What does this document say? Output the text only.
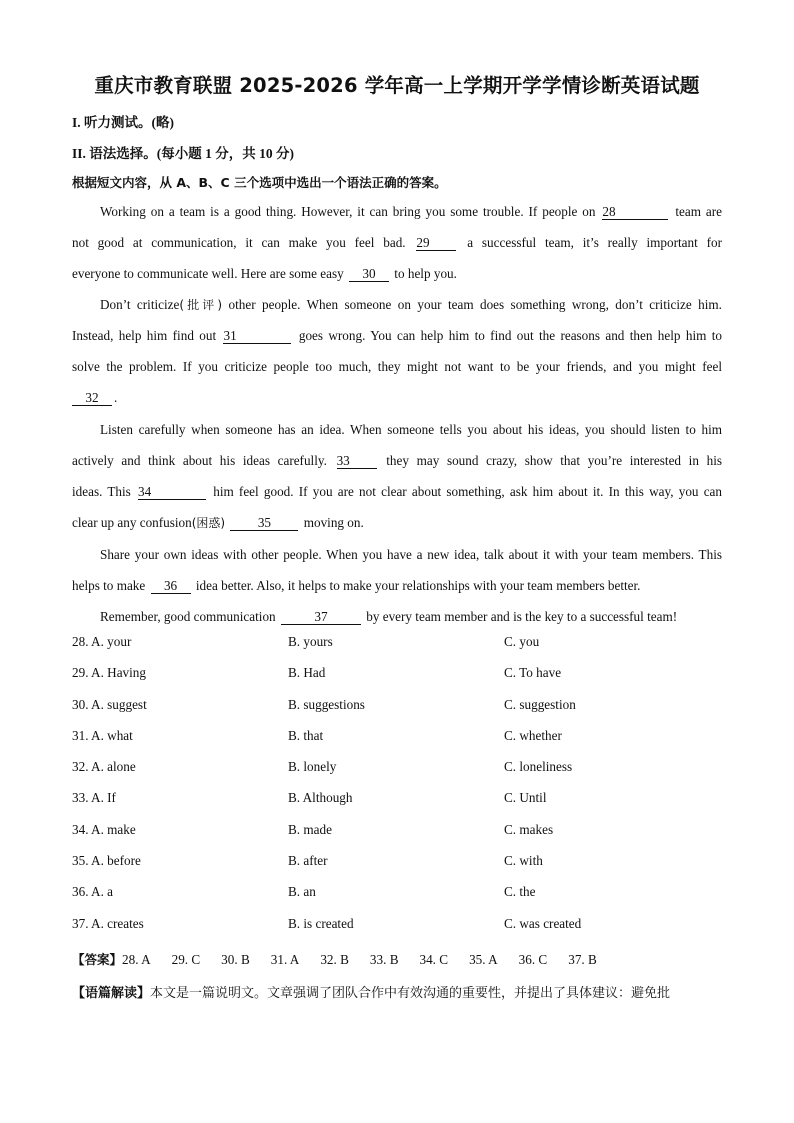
重庆市教育联盟 2025-2026 学年高一上学期开学学情诊断英语试题
I. 听力测试。(略)
II. 语法选择。(每小题 1 分，共 10 分)
根据短文内容，从 A、B、C 三个选项中选出一个语法正确的答案。
Working on a team is a good thing. However, it can bring you some trouble. If people on 28	team are
not good at communication, it can make you feel bad. 29	a successful team, it’s really important for
everyone to communicate well. Here are some easy 30 to help you.
Don’t criticize(批评) other people. When someone on your team does something wrong, don’t criticize him.
Instead, help him find out 31	goes wrong. You can help him to find out the reasons and then help him to
solve the problem. If you criticize people too much, they might not want to be your friends, and you might feel
32 .
Listen carefully when someone has an idea. When someone tells you about his ideas, you should listen to him
actively and think about his ideas carefully. 33	they may sound crazy, show that you’re interested in his
ideas. This 34	him feel good. If you are not clear about something, ask him about it. In this way, you can
clear up any confusion(困惑) 35 moving on.
Share your own ideas with other people. When you have a new idea, talk about it with your team members. This
helps to make 36 idea better. Also, it helps to make your relationships with your team members better.
Remember, good communication	37	by every team member and is the key to a successful team!
28. A. your	B. yours	C. you
29. A. Having	B. Had	C. To have
30. A. suggest	B. suggestions	C. suggestion
31. A. what	B. that	C. whether
32. A. alone	B. lonely	C. loneliness
33. A. If	B. Although	C. Until
34. A. make	B. made	C. makes
35. A. before	B. after	C. with
36. A. a	B. an	C. the
37. A. creates	B. is created	C. was created
【答案】28. A 29. C 30. B 31. A 32. B 33. B 34. C 35. A 36. C 37. B
【语篇解读】本文是一篇说明文。文章强调了团队合作中有效沟通的重要性，并提出了具体建议：避免批
